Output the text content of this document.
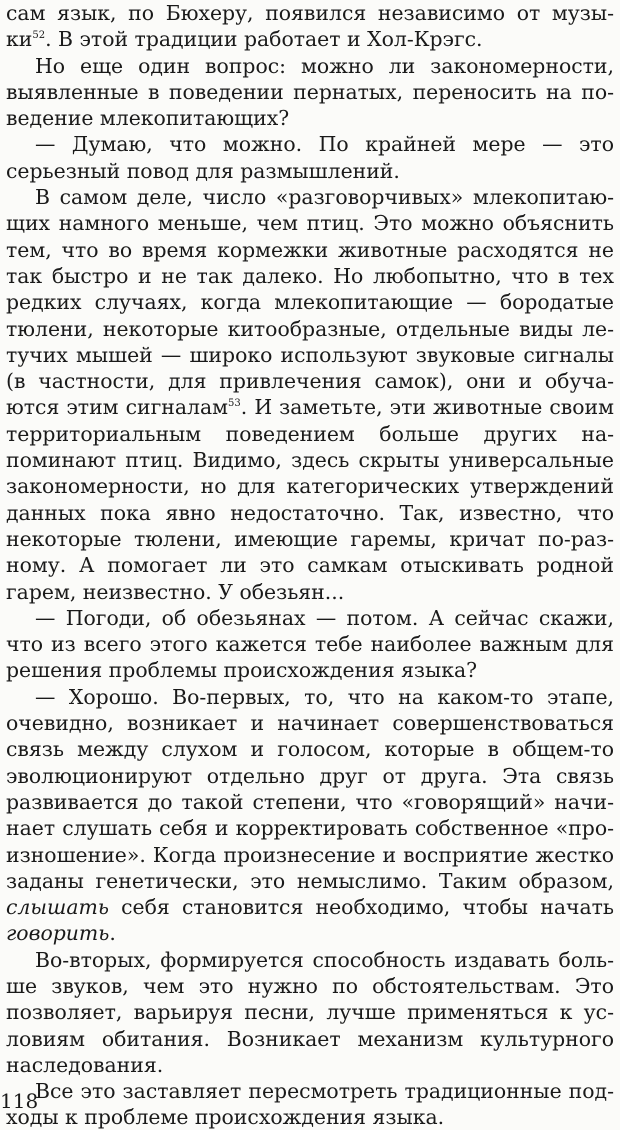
сам язык, по Бюхеру, появился независимо от музыки$^{52}$. В этой традиции работает и Хол-Крэгс.

Но еще один вопрос: можно ли закономерности, выявленные в поведении пернатых, переносить на поведение млекопитающих?

— Думаю, что можно. По крайней мере — это серьезный повод для размышлений.

В самом деле, число «разговорчивых» млекопитающих намного меньше, чем птиц. Это можно объяснить тем, что во время кормежки животные расходятся не так быстро и не так далеко. Но любопытно, что в тех редких случаях, когда млекопитающие — бородатые тюлени, некоторые китообразные, отдельные виды летучих мышей — широко используют звуковые сигналы (в частности, для привлечения самок), они и обучаются этим сигналам$^{53}$. И заметьте, эти животные своим территориальным поведением больше других напоминают птиц. Видимо, здесь скрыты универсальные закономерности, но для категорических утверждений данных пока явно недостаточно. Так, известно, что некоторые тюлени, имеющие гаремы, кричат по-разному. А помогает ли это самкам отыскивать родной гарем, неизвестно. У обезьян...

— Погоди, об обезьянах — потом. А сейчас скажи, что из всего этого кажется тебе наиболее важным для решения проблемы происхождения языка?

— Хорошо. Во-первых, то, что на каком-то этапе, очевидно, возникает и начинает совершенствоваться связь между слухом и голосом, которые в общем-то эволюционируют отдельно друг от друга. Эта связь развивается до такой степени, что «говорящий» начинает слушать себя и корректировать собственное «произношение». Когда произнесение и восприятие жестко заданы генетически, это немыслимо. Таким образом, слышать себя становится необходимо, чтобы начать говорить.

Во-вторых, формируется способность издавать больше звуков, чем это нужно по обстоятельствам. Это позволяет, варьируя песни, лучше применяться к условиям обитания. Возникает механизм культурного наследования.

Все это заставляет пересмотреть традиционные подходы к проблеме происхождения языка.

118
